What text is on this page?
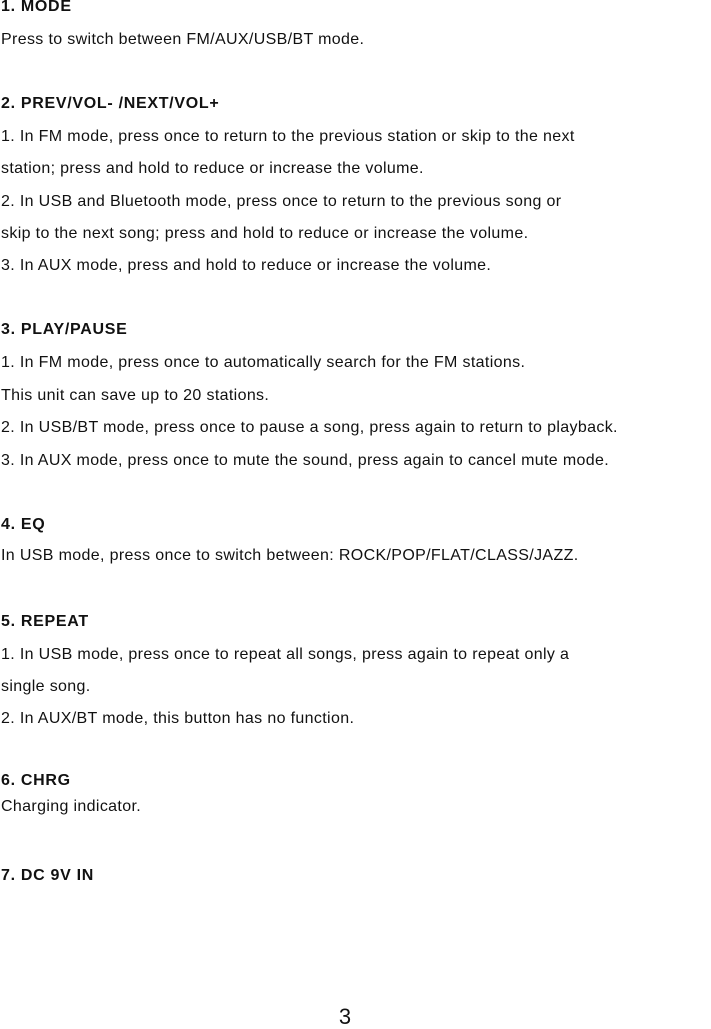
1. MODE
Press to switch between FM/AUX/USB/BT mode.
2. PREV/VOL- /NEXT/VOL+
1. In FM mode, press once to return to the previous station or skip to the next
station; press and hold to reduce or increase the volume.
2. In USB and Bluetooth mode, press once to return to the previous song or
skip to the next song; press and hold to reduce or increase the volume.
3. In AUX mode, press and hold to reduce or increase the volume.
3. PLAY/PAUSE
1. In FM mode, press once to automatically search for the FM stations.
This unit can save up to 20 stations.
2. In USB/BT mode, press once to pause a song, press again to return to playback.
3. In AUX mode, press once to mute the sound, press again to cancel mute mode.
4. EQ
In USB mode, press once to switch between: ROCK/POP/FLAT/CLASS/JAZZ.
5. REPEAT
1. In USB mode, press once to repeat all songs, press again to repeat only a
single song.
2. In AUX/BT mode, this button has no function.
6. CHRG
Charging indicator.
7. DC 9V IN
3
